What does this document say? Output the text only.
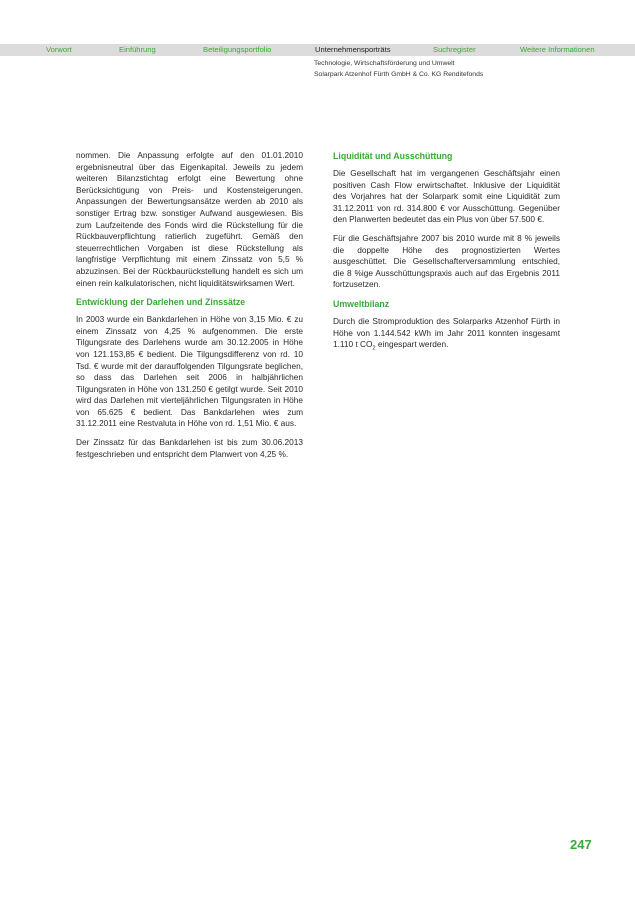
Vorwort	Einführung	Beteiligungsportfolio	Unternehmensporträts	Suchregister	Weitere Informationen
Technologie, Wirtschaftsförderung und Umwelt
Solarpark Atzenhof Fürth GmbH & Co. KG Renditefonds

nommen. Die Anpassung erfolgte auf den 01.01.2010 ergebnisneutral über das Eigenkapital. Jeweils zu jedem weiteren Bilanzstichtag erfolgt eine Bewertung ohne Berücksichtigung von Preis- und Kostensteigerungen. Anpassungen der Bewertungsansätze werden ab 2010 als sonstiger Ertrag bzw. sonstiger Aufwand ausgewiesen. Bis zum Laufzeitende des Fonds wird die Rückstellung für die Rückbauverpflichtung ratierlich zugeführt. Gemäß den steuerrechtlichen Vorgaben ist diese Rückstellung als langfristige Verpflichtung mit einem Zinssatz von 5,5 % abzuzinsen. Bei der Rückbaurückstellung handelt es sich um einen rein kalkulatorischen, nicht liquiditätswirksamen Wert.

Entwicklung der Darlehen und Zinssätze

In 2003 wurde ein Bankdarlehen in Höhe von 3,15 Mio. € zu einem Zinssatz von 4,25 % aufgenommen. Die erste Tilgungsrate des Darlehens wurde am 30.12.2005 in Höhe von 121.153,85 € bedient. Die Tilgungsdifferenz von rd. 10 Tsd. € wurde mit der darauffolgenden Tilgungsrate beglichen, so dass das Darlehen seit 2006 in halbjährlichen Tilgungsraten in Höhe von 131.250 € getilgt wurde. Seit 2010 wird das Darlehen mit vierteljährlichen Tilgungsraten in Höhe von 65.625 € bedient. Das Bankdarlehen wies zum 31.12.2011 eine Restvaluta in Höhe von rd. 1,51 Mio. € aus.

Der Zinssatz für das Bankdarlehen ist bis zum 30.06.2013 festgeschrieben und entspricht dem Planwert von 4,25 %.

Liquidität und Ausschüttung

Die Gesellschaft hat im vergangenen Geschäftsjahr einen positiven Cash Flow erwirtschaftet. Inklusive der Liquidität des Vorjahres hat der Solarpark somit eine Liquidität zum 31.12.2011 von rd. 314.800 € vor Ausschüttung. Gegenüber den Planwerten bedeutet das ein Plus von über 57.500 €.

Für die Geschäftsjahre 2007 bis 2010 wurde mit 8 % jeweils die doppelte Höhe des prognostizierten Wertes ausgeschüttet. Die Gesellschafterversammlung entschied, die 8 %ige Ausschüttungspraxis auch auf das Ergebnis 2011 fortzusetzen.

Umweltbilanz

Durch die Stromproduktion des Solarparks Atzenhof Fürth in Höhe von 1.144.542 kWh im Jahr 2011 konnten insgesamt 1.110 t $CO_2$ eingespart werden.

247
